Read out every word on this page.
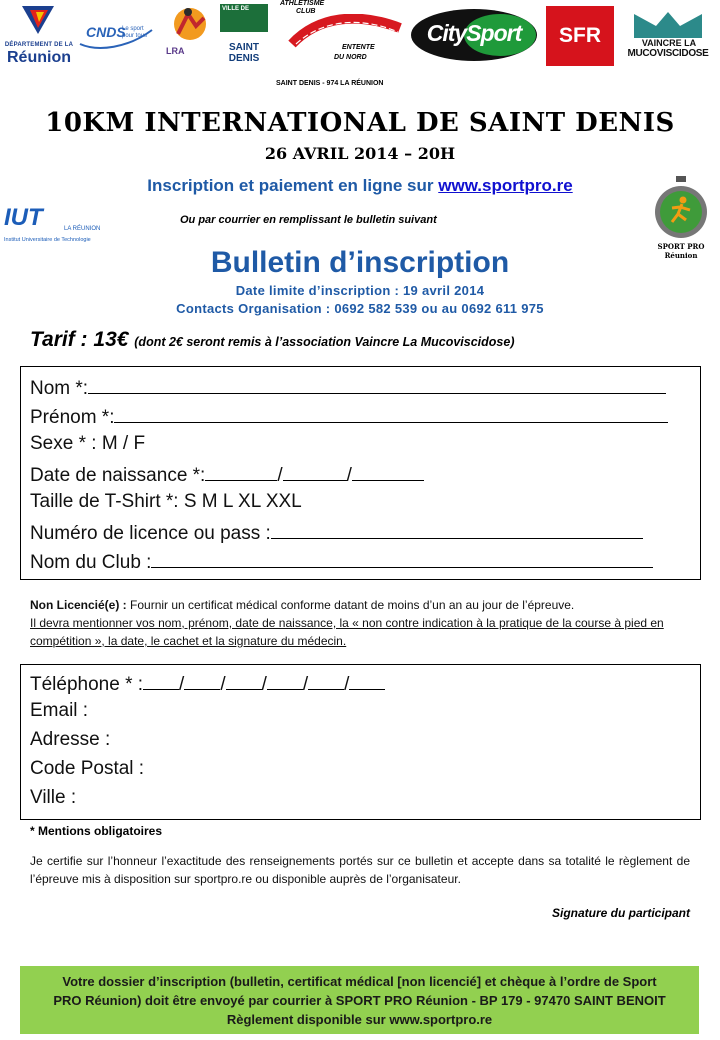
DÉPARTEMENT DE LA
Réunion
CNDS
Le sport pour tous
LRA
VILLE DE
SAINT
DENIS
ATHLETISME
CLUB
ENTENTE
DU NORD
SAINT DENIS - 974 LA RÉUNION
CitySport	SFR	VAINCRE LA
MUCOVISCIDOSE
10KM INTERNATIONAL DE SAINT DENIS
26 AVRIL 2014 – 20H
Inscription et paiement en ligne sur www.sportpro.re
IUT	LA RÉUNION
Institut Universitaire de Technologie
Ou par courrier en remplissant le bulletin suivant
SPORT PRO Réunion
Bulletin d’inscription
Date limite d’inscription : 19 avril 2014
Contacts Organisation : 0692 582 539 ou au 0692 611 975
Tarif : 13€ (dont 2€ seront remis à l’association Vaincre La Mucoviscidose)
Nom *:
Prénom *:
Sexe * : M / F
Date de naissance *:	/	/
Taille de T-Shirt *: S M L XL XXL
Numéro de licence ou pass :
Nom du Club :
Non Licencié(e) : Fournir un certificat médical conforme datant de moins d’un an au jour de l’épreuve.
Il devra mentionner vos nom, prénom, date de naissance, la « non contre indication à la pratique de la course à pied en compétition », la date, le cachet et la signature du médecin.
Téléphone * : / / / / /
Email :
Adresse :
Code Postal :
Ville :
* Mentions obligatoires
Je certifie sur l’honneur l’exactitude des renseignements portés sur ce bulletin et accepte dans sa totalité le règlement de l’épreuve mis à disposition sur sportpro.re ou disponible auprès de l’organisateur.
Signature du participant

Votre dossier d’inscription (bulletin, certificat médical [non licencié] et chèque à l’ordre de Sport

PRO Réunion) doit être envoyé par courrier à SPORT PRO Réunion - BP 179 - 97470 SAINT BENOIT

Règlement disponible sur www.sportpro.re
